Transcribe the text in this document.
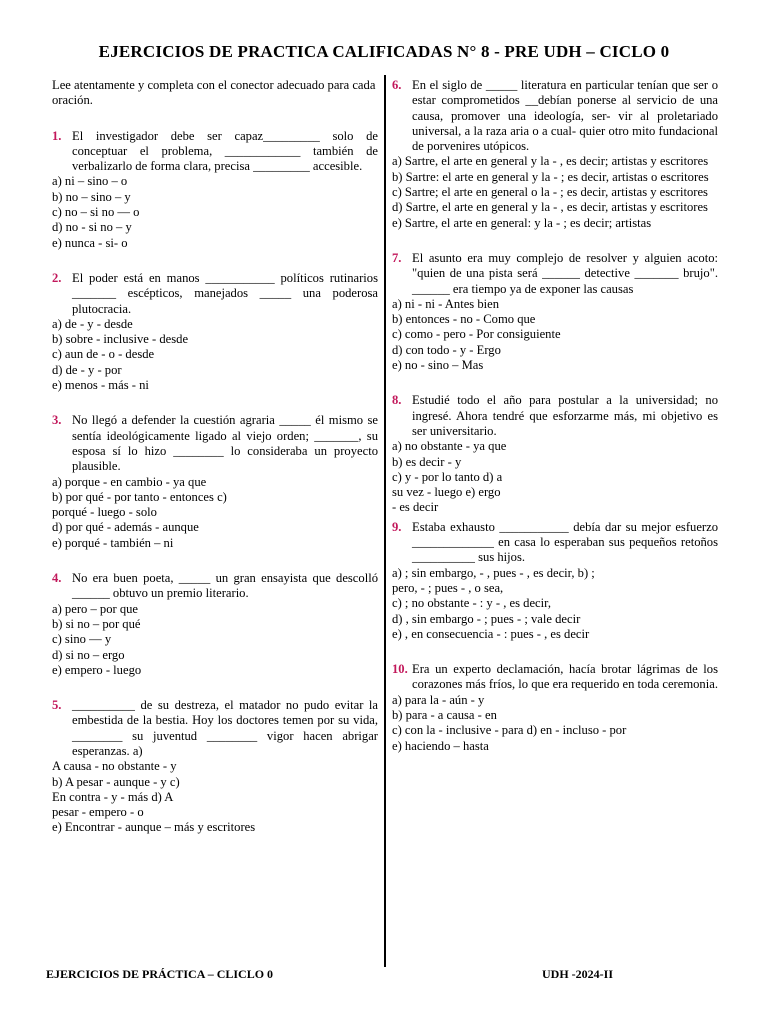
EJERCICIOS DE PRACTICA CALIFICADAS N° 8 - PRE UDH – CICLO 0
Lee atentamente y completa con el conector adecuado para cada oración.
1. El investigador debe ser capaz_________ solo de conceptuar el problema, ____________ también de verbalizarlo de forma clara, precisa _________ accesible.
a) ni – sino – o
b) no – sino – y
c) no – si no — o
d) no - si no – y
e) nunca - si- o
2. El poder está en manos ___________ políticos rutinarios _______ escépticos, manejados _____ una poderosa plutocracia.
a) de - y - desde
b) sobre - inclusive - desde
c) aun de - o - desde
d) de - y - por
e) menos - más - ni
3. No llegó a defender la cuestión agraria _____ él mismo se sentía ideológicamente ligado al viejo orden; _______, su esposa sí lo hizo ________ lo consideraba un proyecto plausible.
a) porque - en cambio - ya que
b) por qué - por tanto - entonces c)
porqué - luego - solo
d) por qué - además - aunque
e) porqué - también – ni
4. No era buen poeta, _____ un gran ensayista que descolló ______ obtuvo un premio literario.
a) pero – por que
b) si no – por qué
c) sino — y
d) si no – ergo
e) empero - luego
5. __________ de su destreza, el matador no pudo evitar la embestida de la bestia. Hoy los doctores temen por su vida, ________ su juventud ________ vigor hacen abrigar esperanzas. a)
A causa - no obstante - y
b) A pesar - aunque - y c)
En contra - y - más d) A
pesar - empero - o
e) Encontrar - aunque – más y escritores
6. En el siglo de _____ literatura en particular tenían que ser o estar comprometidos __debían ponerse al servicio de una causa, promover una ideología, ser- vir al proletariado universal, a la raza aria o a cual- quier otro mito fundacional de porvenires utópicos.
a) Sartre, el arte en general y la - , es decir; artistas y escritores
b) Sartre: el arte en general y la - ; es decir, artistas o escritores
c) Sartre; el arte en general o la - ; es decir, artistas y escritores
d) Sartre, el arte en general y la - , es decir, artistas y escritores
e) Sartre, el arte en general: y la - ; es decir; artistas
7. El asunto era muy complejo de resolver y alguien acoto: "quien de una pista será ______ detective _______ brujo". ______ era tiempo ya de exponer las causas
a) ni - ni - Antes bien
b) entonces - no - Como que
c) como - pero - Por consiguiente
d) con todo - y - Ergo
e) no - sino – Mas
8. Estudié todo el año para postular a la universidad; no ingresé. Ahora tendré que esforzarme más, mi objetivo es ser universitario.
a) no obstante - ya que
b) es decir - y
c) y - por lo tanto d) a
su vez - luego e) ergo
- es decir
9. Estaba exhausto ___________ debía dar su mejor esfuerzo _____________ en casa lo esperaban sus pequeños retoños __________ sus hijos.
a) ; sin embargo, - , pues - , es decir, b) ;
pero, - ; pues - , o sea,
c) ; no obstante - : y - , es decir,
d) , sin embargo - ; pues - ; vale decir
e) , en consecuencia - : pues - , es decir
10. Era un experto declamación, hacía brotar lágrimas de los corazones más fríos, lo que era requerido en toda ceremonia.
a) para la - aún - y
b) para - a causa - en
c) con la - inclusive - para d) en - incluso - por
e) haciendo – hasta
EJERCICIOS DE PRÁCTICA – CLICLO 0	UDH -2024-II
